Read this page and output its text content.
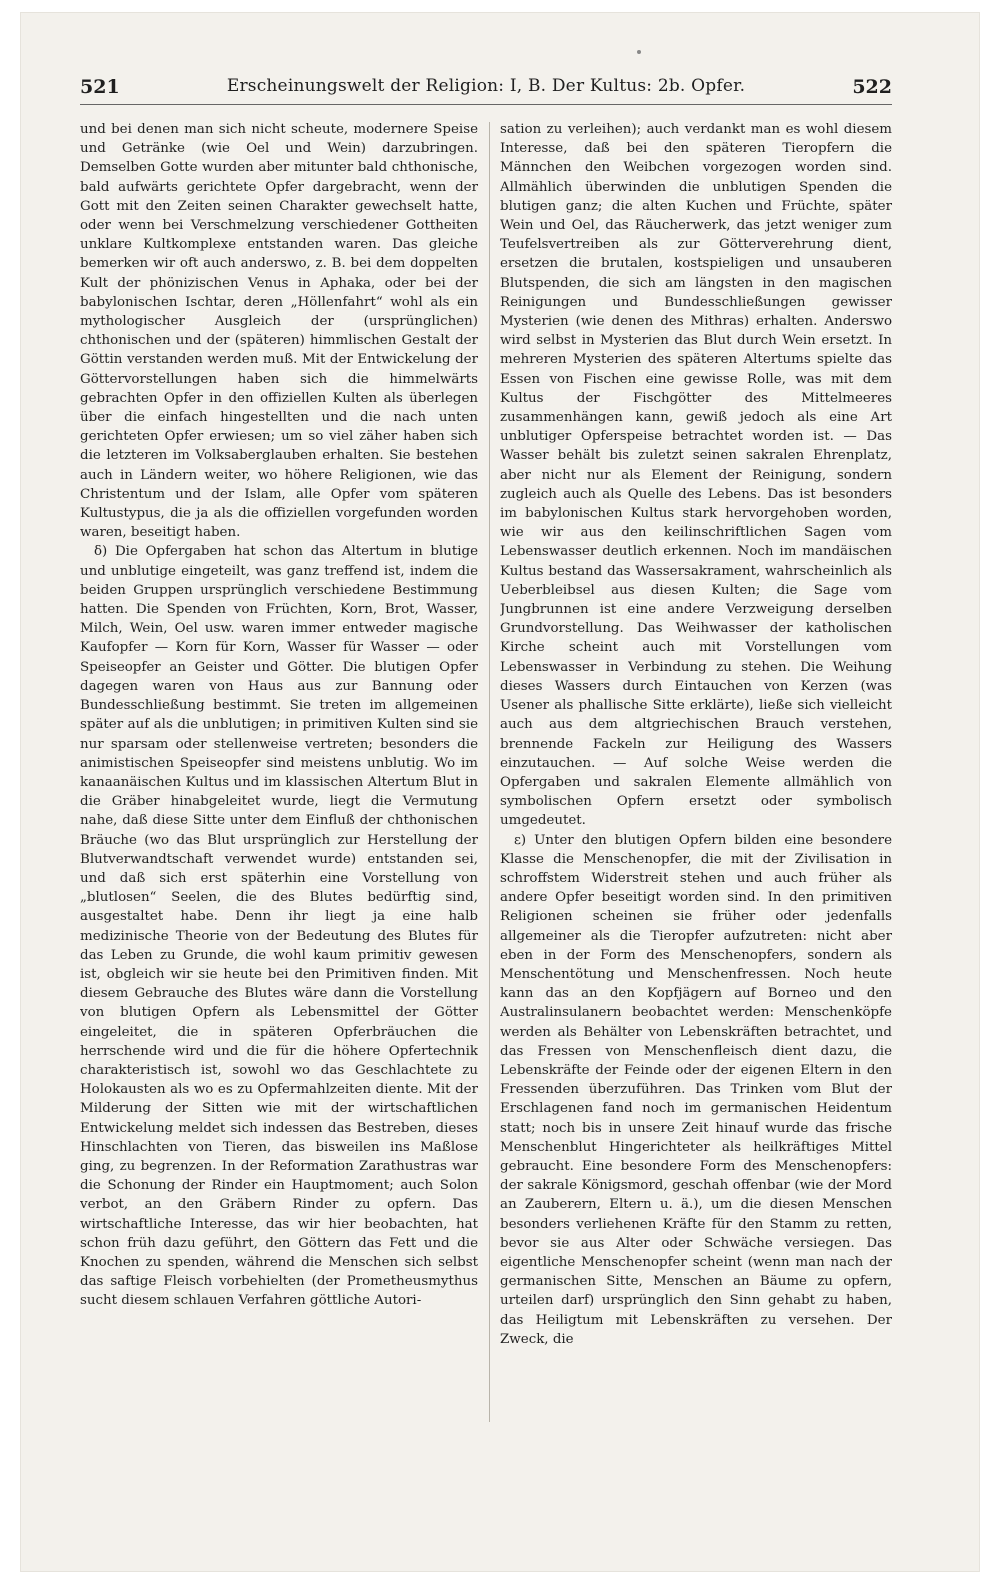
521	Erscheinungswelt der Religion: I, B. Der Kultus: 2b. Opfer.	522

und bei denen man sich nicht scheute, modernere Speise und Getränke (wie Oel und Wein) darzubringen. Demselben Gotte wurden aber mitunter bald chthonische, bald aufwärts gerichtete Opfer dargebracht, wenn der Gott mit den Zeiten seinen Charakter gewechselt hatte, oder wenn bei Verschmelzung verschiedener Gottheiten unklare Kultkomplexe entstanden waren. Das gleiche bemerken wir oft auch anderswo, z. B. bei dem doppelten Kult der phönizischen Venus in Aphaka, oder bei der babylonischen Ischtar, deren „Höllenfahrt“ wohl als ein mythologischer Ausgleich der (ursprünglichen) chthonischen und der (späteren) himmlischen Gestalt der Göttin verstanden werden muß. Mit der Entwickelung der Göttervorstellungen haben sich die himmelwärts gebrachten Opfer in den offiziellen Kulten als überlegen über die einfach hingestellten und die nach unten gerichteten Opfer erwiesen; um so viel zäher haben sich die letzteren im Volksaberglauben erhalten. Sie bestehen auch in Ländern weiter, wo höhere Religionen, wie das Christentum und der Islam, alle Opfer vom späteren Kultustypus, die ja als die offiziellen vorgefunden worden waren, beseitigt haben.

δ) Die Opfergaben hat schon das Altertum in blutige und unblutige eingeteilt, was ganz treffend ist, indem die beiden Gruppen ursprünglich verschiedene Bestimmung hatten. Die Spenden von Früchten, Korn, Brot, Wasser, Milch, Wein, Oel usw. waren immer entweder magische Kaufopfer — Korn für Korn, Wasser für Wasser — oder Speiseopfer an Geister und Götter. Die blutigen Opfer dagegen waren von Haus aus zur Bannung oder Bundesschließung bestimmt. Sie treten im allgemeinen später auf als die unblutigen; in primitiven Kulten sind sie nur sparsam oder stellenweise vertreten; besonders die animistischen Speiseopfer sind meistens unblutig. Wo im kanaanäischen Kultus und im klassischen Altertum Blut in die Gräber hinabgeleitet wurde, liegt die Vermutung nahe, daß diese Sitte unter dem Einfluß der chthonischen Bräuche (wo das Blut ursprünglich zur Herstellung der Blutverwandtschaft verwendet wurde) entstanden sei, und daß sich erst späterhin eine Vorstellung von „blutlosen“ Seelen, die des Blutes bedürftig sind, ausgestaltet habe. Denn ihr liegt ja eine halb medizinische Theorie von der Bedeutung des Blutes für das Leben zu Grunde, die wohl kaum primitiv gewesen ist, obgleich wir sie heute bei den Primitiven finden. Mit diesem Gebrauche des Blutes wäre dann die Vorstellung von blutigen Opfern als Lebensmittel der Götter eingeleitet, die in späteren Opferbräuchen die herrschende wird und die für die höhere Opfertechnik charakteristisch ist, sowohl wo das Geschlachtete zu Holokausten als wo es zu Opfermahlzeiten diente. Mit der Milderung der Sitten wie mit der wirtschaftlichen Entwickelung meldet sich indessen das Bestreben, dieses Hinschlachten von Tieren, das bisweilen ins Maßlose ging, zu begrenzen. In der Reformation Zarathustras war die Schonung der Rinder ein Hauptmoment; auch Solon verbot, an den Gräbern Rinder zu opfern. Das wirtschaftliche Interesse, das wir hier beobachten, hat schon früh dazu geführt, den Göttern das Fett und die Knochen zu spenden, während die Menschen sich selbst das saftige Fleisch vorbehielten (der Prometheusmythus sucht diesem schlauen Verfahren göttliche Autori-

sation zu verleihen); auch verdankt man es wohl diesem Interesse, daß bei den späteren Tieropfern die Männchen den Weibchen vorgezogen worden sind. Allmählich überwinden die unblutigen Spenden die blutigen ganz; die alten Kuchen und Früchte, später Wein und Oel, das Räucherwerk, das jetzt weniger zum Teufelsvertreiben als zur Götterverehrung dient, ersetzen die brutalen, kostspieligen und unsauberen Blutspenden, die sich am längsten in den magischen Reinigungen und Bundesschließungen gewisser Mysterien (wie denen des Mithras) erhalten. Anderswo wird selbst in Mysterien das Blut durch Wein ersetzt. In mehreren Mysterien des späteren Altertums spielte das Essen von Fischen eine gewisse Rolle, was mit dem Kultus der Fischgötter des Mittelmeeres zusammenhängen kann, gewiß jedoch als eine Art unblutiger Opferspeise betrachtet worden ist. — Das Wasser behält bis zuletzt seinen sakralen Ehrenplatz, aber nicht nur als Element der Reinigung, sondern zugleich auch als Quelle des Lebens. Das ist besonders im babylonischen Kultus stark hervorgehoben worden, wie wir aus den keilinschriftlichen Sagen vom Lebenswasser deutlich erkennen. Noch im mandäischen Kultus bestand das Wassersakrament, wahrscheinlich als Ueberbleibsel aus diesen Kulten; die Sage vom Jungbrunnen ist eine andere Verzweigung derselben Grundvorstellung. Das Weihwasser der katholischen Kirche scheint auch mit Vorstellungen vom Lebenswasser in Verbindung zu stehen. Die Weihung dieses Wassers durch Eintauchen von Kerzen (was Usener als phallische Sitte erklärte), ließe sich vielleicht auch aus dem altgriechischen Brauch verstehen, brennende Fackeln zur Heiligung des Wassers einzutauchen. — Auf solche Weise werden die Opfergaben und sakralen Elemente allmählich von symbolischen Opfern ersetzt oder symbolisch umgedeutet.

ε) Unter den blutigen Opfern bilden eine besondere Klasse die Menschenopfer, die mit der Zivilisation in schroffstem Widerstreit stehen und auch früher als andere Opfer beseitigt worden sind. In den primitiven Religionen scheinen sie früher oder jedenfalls allgemeiner als die Tieropfer aufzutreten: nicht aber eben in der Form des Menschenopfers, sondern als Menschentötung und Menschenfressen. Noch heute kann das an den Kopfjägern auf Borneo und den Australinsulanern beobachtet werden: Menschenköpfe werden als Behälter von Lebenskräften betrachtet, und das Fressen von Menschenfleisch dient dazu, die Lebenskräfte der Feinde oder der eigenen Eltern in den Fressenden überzuführen. Das Trinken vom Blut der Erschlagenen fand noch im germanischen Heidentum statt; noch bis in unsere Zeit hinauf wurde das frische Menschenblut Hingerichteter als heilkräftiges Mittel gebraucht. Eine besondere Form des Menschenopfers: der sakrale Königsmord, geschah offenbar (wie der Mord an Zauberern, Eltern u. ä.), um die diesen Menschen besonders verliehenen Kräfte für den Stamm zu retten, bevor sie aus Alter oder Schwäche versiegen. Das eigentliche Menschenopfer scheint (wenn man nach der germanischen Sitte, Menschen an Bäume zu opfern, urteilen darf) ursprünglich den Sinn gehabt zu haben, das Heiligtum mit Lebenskräften zu versehen. Der Zweck, die
